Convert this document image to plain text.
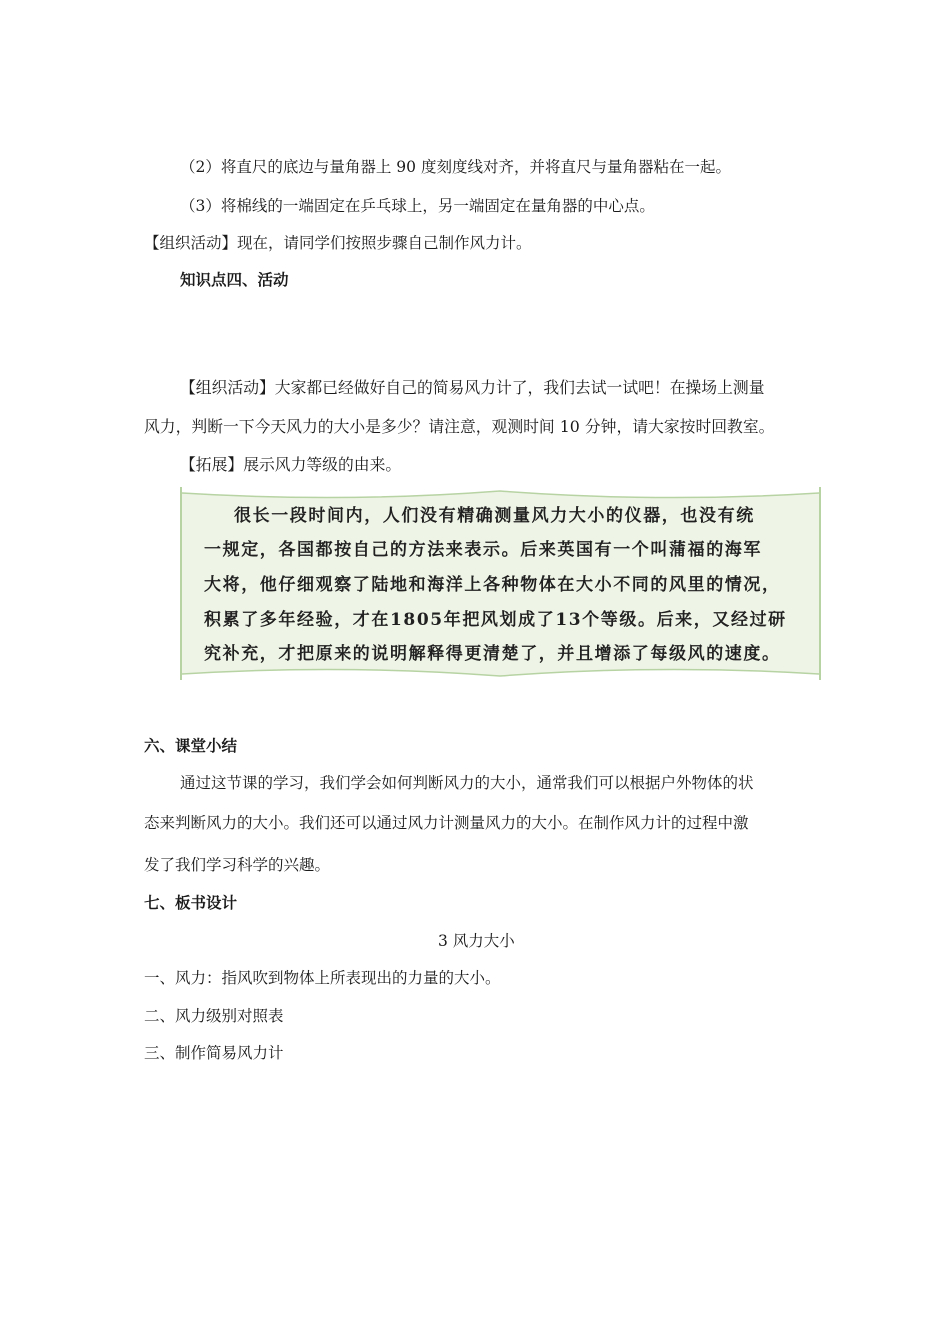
（2）将直尺的底边与量角器上 90 度刻度线对齐，并将直尺与量角器粘在一起。
（3）将棉线的一端固定在乒乓球上，另一端固定在量角器的中心点。
【组织活动】现在，请同学们按照步骤自己制作风力计。
知识点四、活动
【组织活动】大家都已经做好自己的简易风力计了，我们去试一试吧！在操场上测量
风力，判断一下今天风力的大小是多少？请注意，观测时间 10 分钟，请大家按时回教室。
【拓展】展示风力等级的由来。
很长一段时间内，人们没有精确测量风力大小的仪器，也没有统
一规定，各国都按自己的方法来表示。后来英国有一个叫蒲福的海军
大将，他仔细观察了陆地和海洋上各种物体在大小不同的风里的情况，
积累了多年经验，才在1805年把风划成了13个等级。后来，又经过研
究补充，才把原来的说明解释得更清楚了，并且增添了每级风的速度。
六、课堂小结
通过这节课的学习，我们学会如何判断风力的大小，通常我们可以根据户外物体的状
态来判断风力的大小。我们还可以通过风力计测量风力的大小。在制作风力计的过程中激
发了我们学习科学的兴趣。
七、板书设计
3 风力大小
一、风力：指风吹到物体上所表现出的力量的大小。
二、风力级别对照表
三、制作简易风力计
